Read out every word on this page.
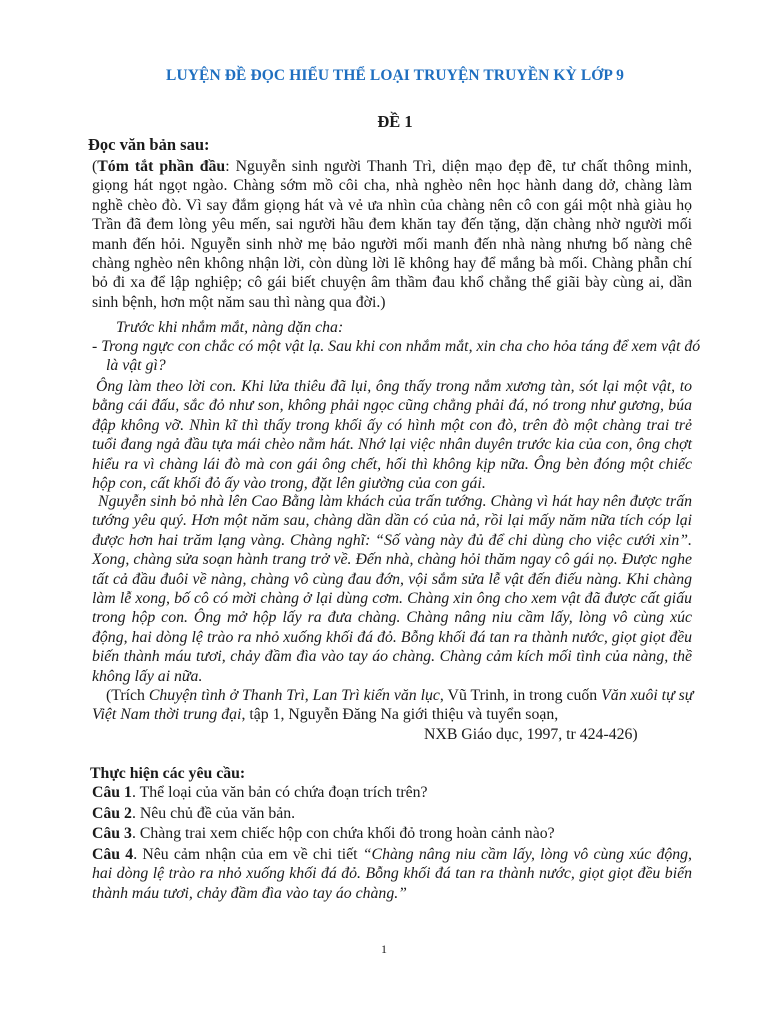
LUYỆN ĐỀ ĐỌC HIỂU THỂ LOẠI TRUYỆN TRUYỀN KỲ LỚP 9
ĐỀ 1
Đọc văn bản sau:

(Tóm tắt phần đầu: Nguyễn sinh người Thanh Trì, diện mạo đẹp đẽ, tư chất thông minh, giọng hát ngọt ngào. Chàng sớm mồ côi cha, nhà nghèo nên học hành dang dở, chàng làm nghề chèo đò. Vì say đắm giọng hát và vẻ ưa nhìn của chàng nên cô con gái một nhà giàu họ Trần đã đem lòng yêu mến, sai người hầu đem khăn tay đến tặng, dặn chàng nhờ người mối manh đến hỏi. Nguyễn sinh nhờ mẹ bảo người mối manh đến nhà nàng nhưng bố nàng chê chàng nghèo nên không nhận lời, còn dùng lời lẽ không hay để mắng bà mối. Chàng phẫn chí bỏ đi xa để lập nghiệp; cô gái biết chuyện âm thầm đau khổ chẳng thể giãi bày cùng ai, dần sinh bệnh, hơn một năm sau thì nàng qua đời.)

Trước khi nhắm mắt, nàng dặn cha:

- Trong ngực con chắc có một vật lạ. Sau khi con nhắm mắt, xin cha cho hỏa táng để xem vật đó là vật gì?

Ông làm theo lời con. Khi lửa thiêu đã lụi, ông thấy trong nắm xương tàn, sót lại một vật, to bằng cái đấu, sắc đỏ như son, không phải ngọc cũng chẳng phải đá, nó trong như gương, búa đập không vỡ. Nhìn kĩ thì thấy trong khối ấy có hình một con đò, trên đò một chàng trai trẻ tuổi đang ngả đầu tựa mái chèo nằm hát. Nhớ lại việc nhân duyên trước kia của con, ông chợt hiểu ra vì chàng lái đò mà con gái ông chết, hối thì không kịp nữa. Ông bèn đóng một chiếc hộp con, cất khối đỏ ấy vào trong, đặt lên giường của con gái.

Nguyễn sinh bỏ nhà lên Cao Bằng làm khách của trấn tướng. Chàng vì hát hay nên được trấn tướng yêu quý. Hơn một năm sau, chàng dần dần có của nả, rồi lại mấy năm nữa tích cóp lại được hơn hai trăm lạng vàng. Chàng nghĩ: “Số vàng này đủ để chi dùng cho việc cưới xin”. Xong, chàng sửa soạn hành trang trở về. Đến nhà, chàng hỏi thăm ngay cô gái nọ. Được nghe tất cả đầu đuôi về nàng, chàng vô cùng đau đớn, vội sắm sửa lễ vật đến điếu nàng. Khi chàng làm lễ xong, bố cô có mời chàng ở lại dùng cơm. Chàng xin ông cho xem vật đã được cất giấu trong hộp con. Ông mở hộp lấy ra đưa chàng. Chàng nâng niu cầm lấy, lòng vô cùng xúc động, hai dòng lệ trào ra nhỏ xuống khối đá đỏ. Bỗng khối đá tan ra thành nước, giọt giọt đều biến thành máu tươi, chảy đầm đìa vào tay áo chàng. Chàng cảm kích mối tình của nàng, thề không lấy ai nữa.

(Trích Chuyện tình ở Thanh Trì, Lan Trì kiến văn lục, Vũ Trinh, in trong cuốn Văn xuôi tự sự Việt Nam thời trung đại, tập 1, Nguyễn Đăng Na giới thiệu và tuyển soạn,

NXB Giáo dục, 1997, tr 424-426)
Thực hiện các yêu cầu:
Câu 1. Thể loại của văn bản có chứa đoạn trích trên?
Câu 2. Nêu chủ đề của văn bản.
Câu 3. Chàng trai xem chiếc hộp con chứa khối đỏ trong hoàn cảnh nào?
Câu 4. Nêu cảm nhận của em về chi tiết “Chàng nâng niu cầm lấy, lòng vô cùng xúc động, hai dòng lệ trào ra nhỏ xuống khối đá đỏ. Bỗng khối đá tan ra thành nước, giọt giọt đều biến thành máu tươi, chảy đầm đìa vào tay áo chàng.”
1
